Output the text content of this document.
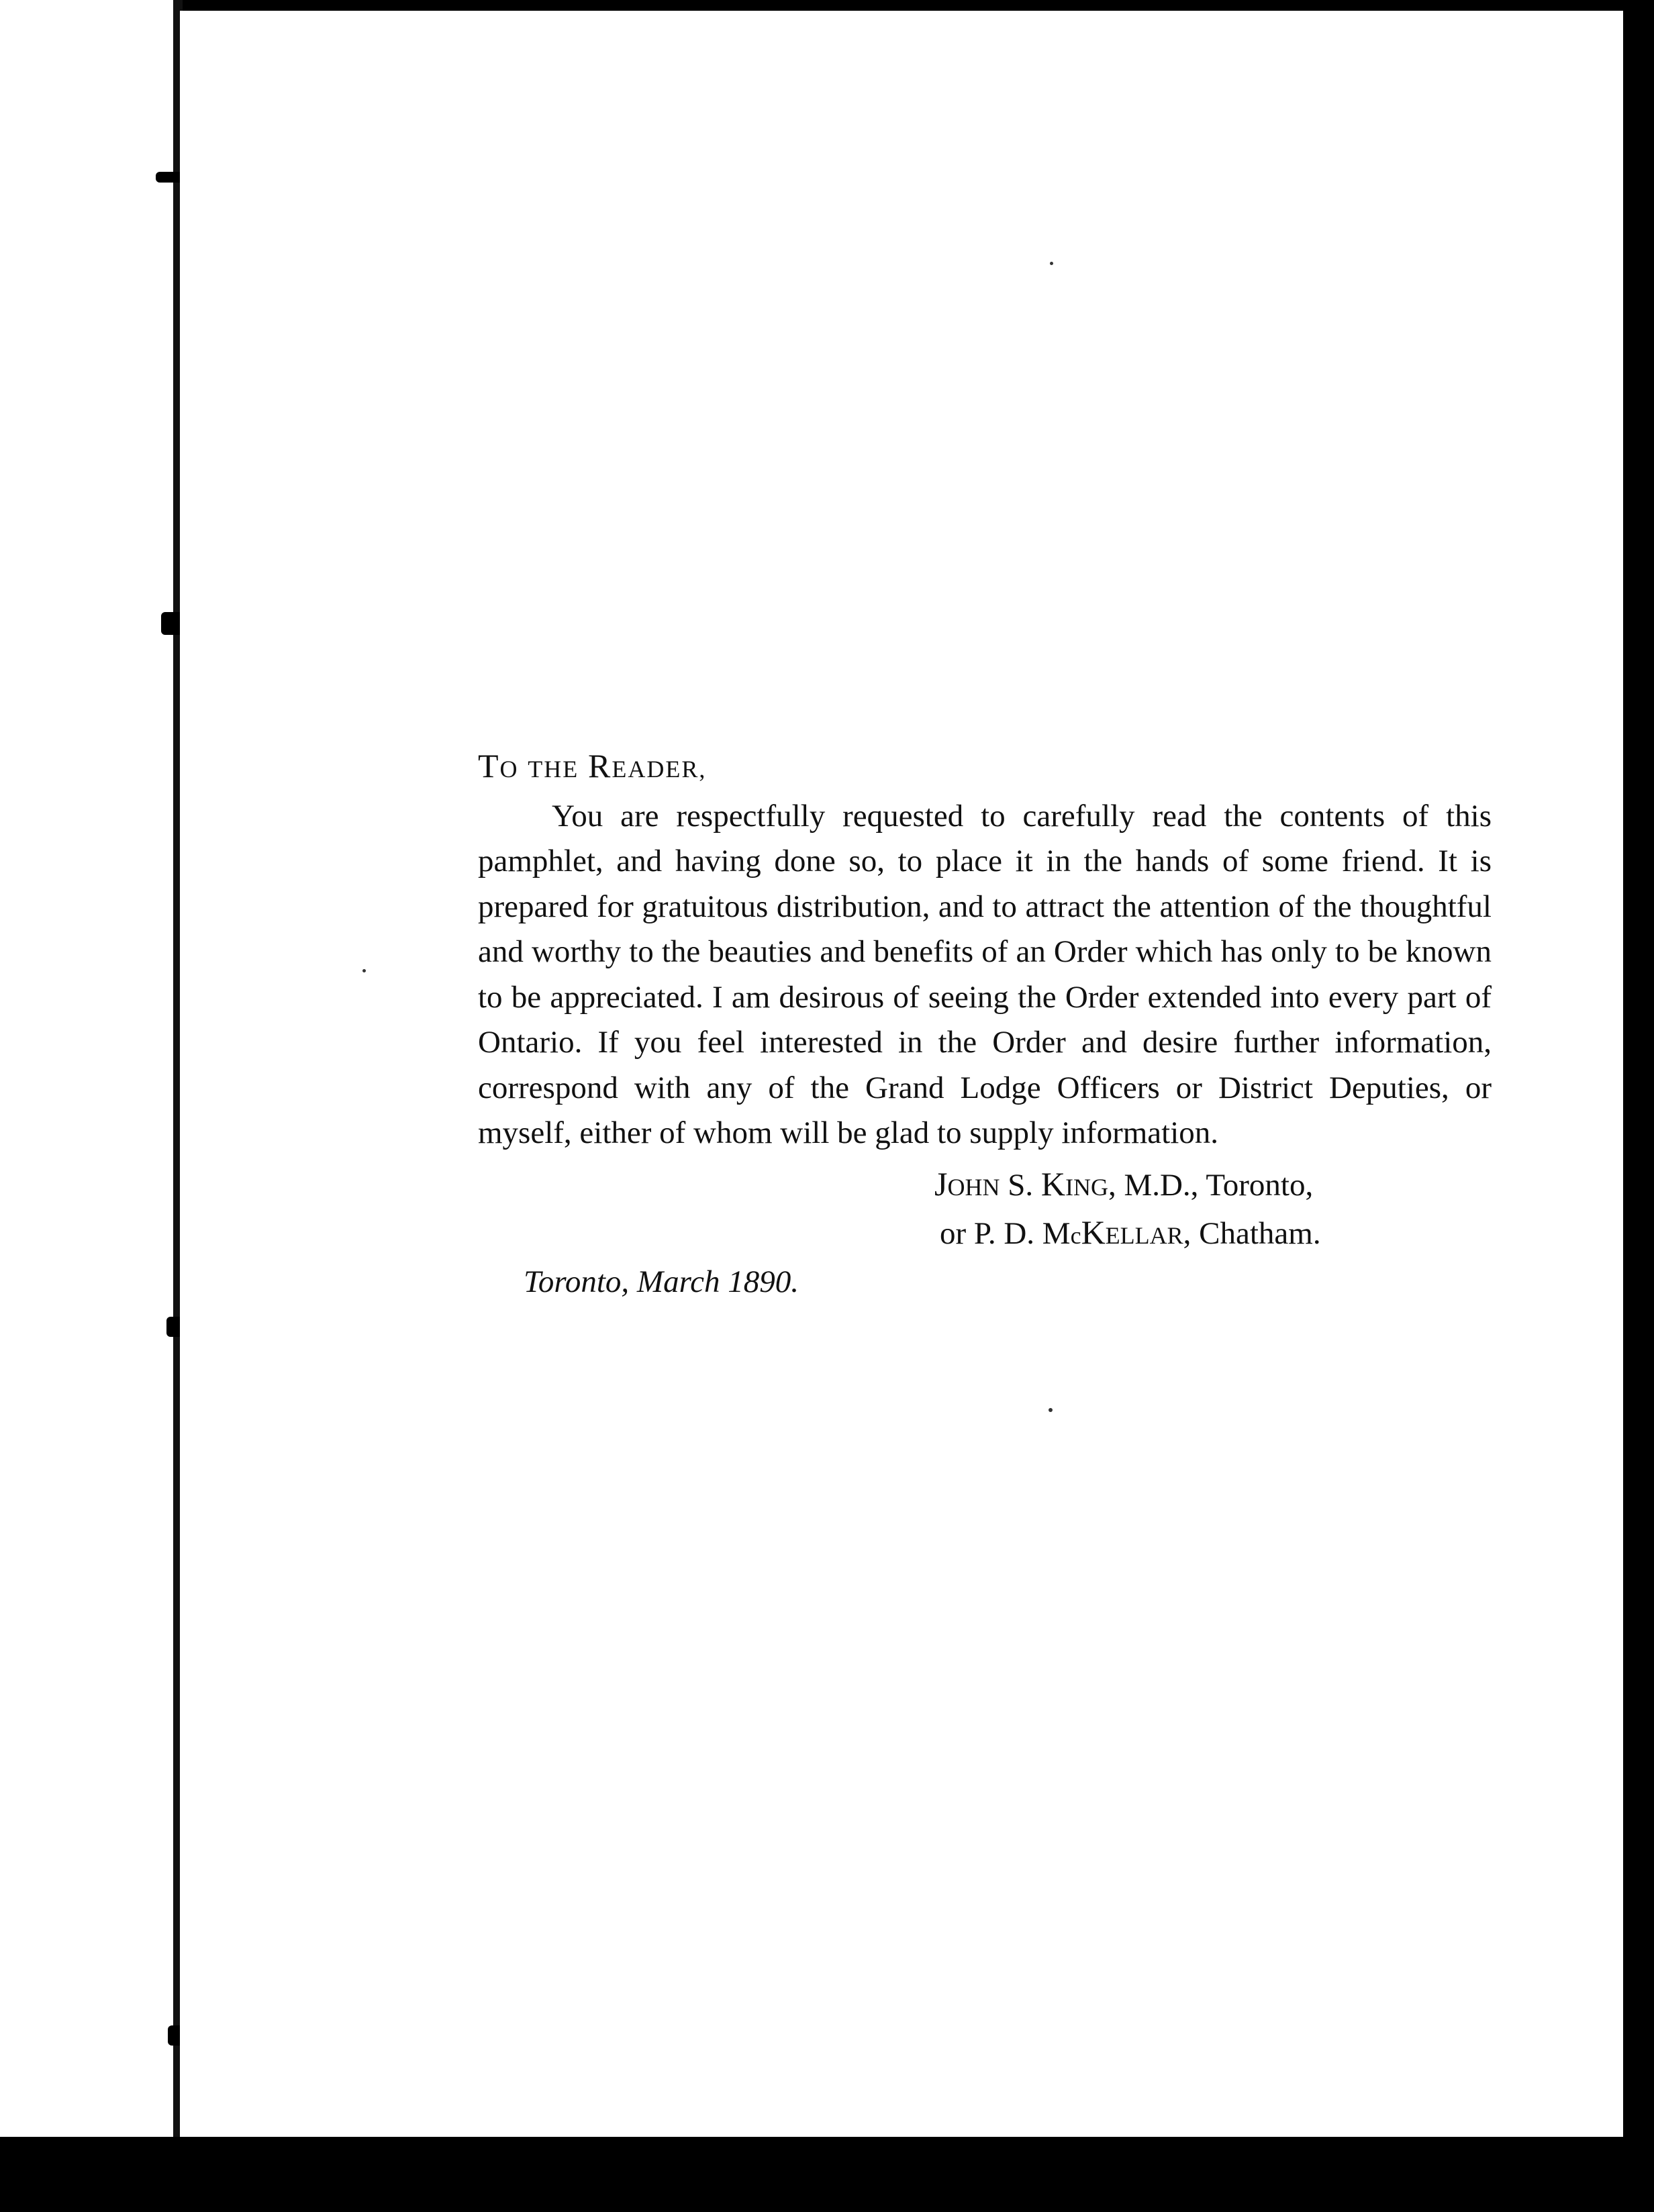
TO THE READER,

You are respectfully requested to carefully read the contents of this pamphlet, and having done so, to place it in the hands of some friend. It is prepared for gratuitous distribution, and to attract the attention of the thoughtful and worthy to the beauties and benefits of an Order which has only to be known to be appreciated. I am desirous of seeing the Order extended into every part of Ontario. If you feel interested in the Order and desire further information, correspond with any of the Grand Lodge Officers or District Deputies, or myself, either of whom will be glad to supply information.

JOHN S. KING, M.D., Toronto,
or P. D. McKELLAR, Chatham.
Toronto, March 1890.
